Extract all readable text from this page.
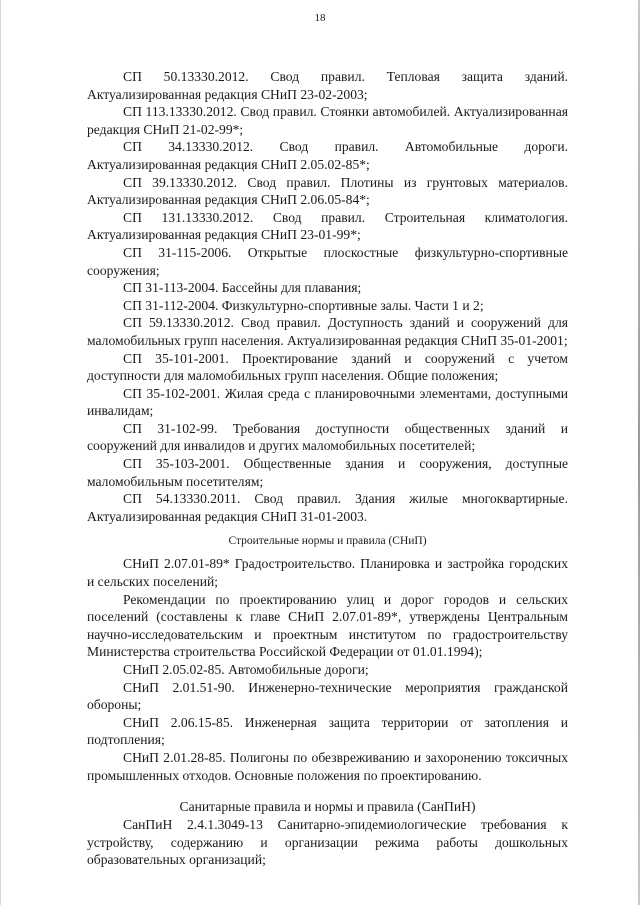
18

СП 50.13330.2012. Свод правил. Тепловая защита зданий. Актуализированная редакция СНиП 23-02-2003;

СП 113.13330.2012. Свод правил. Стоянки автомобилей. Актуализированная редакция СНиП 21-02-99*;

СП 34.13330.2012. Свод правил. Автомобильные дороги. Актуализированная редакция СНиП 2.05.02-85*;

СП 39.13330.2012. Свод правил. Плотины из грунтовых материалов. Актуализированная редакция СНиП 2.06.05-84*;

СП 131.13330.2012. Свод правил. Строительная климатология. Актуализированная редакция СНиП 23-01-99*;

СП 31-115-2006. Открытые плоскостные физкультурно-спортивные сооружения;

СП 31-113-2004. Бассейны для плавания;

СП 31-112-2004. Физкультурно-спортивные залы. Части 1 и 2;

СП 59.13330.2012. Свод правил. Доступность зданий и сооружений для маломобильных групп населения. Актуализированная редакция СНиП 35-01-2001;

СП 35-101-2001. Проектирование зданий и сооружений с учетом доступности для маломобильных групп населения. Общие положения;

СП 35-102-2001. Жилая среда с планировочными элементами, доступными инвалидам;

СП 31-102-99. Требования доступности общественных зданий и сооружений для инвалидов и других маломобильных посетителей;

СП 35-103-2001. Общественные здания и сооружения, доступные маломобильным посетителям;

СП 54.13330.2011. Свод правил. Здания жилые многоквартирные. Актуализированная редакция СНиП 31-01-2003.

Строительные нормы и правила (СНиП)

СНиП 2.07.01-89* Градостроительство. Планировка и застройка городских и сельских поселений;

Рекомендации по проектированию улиц и дорог городов и сельских поселений (составлены к главе СНиП 2.07.01-89*, утверждены Центральным научно-исследовательским и проектным институтом по градостроительству Министерства строительства Российской Федерации от 01.01.1994);

СНиП 2.05.02-85. Автомобильные дороги;

СНиП 2.01.51-90. Инженерно-технические мероприятия гражданской обороны;

СНиП 2.06.15-85. Инженерная защита территории от затопления и подтопления;

СНиП 2.01.28-85. Полигоны по обезвреживанию и захоронению токсичных промышленных отходов. Основные положения по проектированию.

Санитарные правила и нормы и правила (СанПиН)

СанПиН 2.4.1.3049-13 Санитарно-эпидемиологические требования к устройству, содержанию и организации режима работы дошкольных образовательных организаций;
